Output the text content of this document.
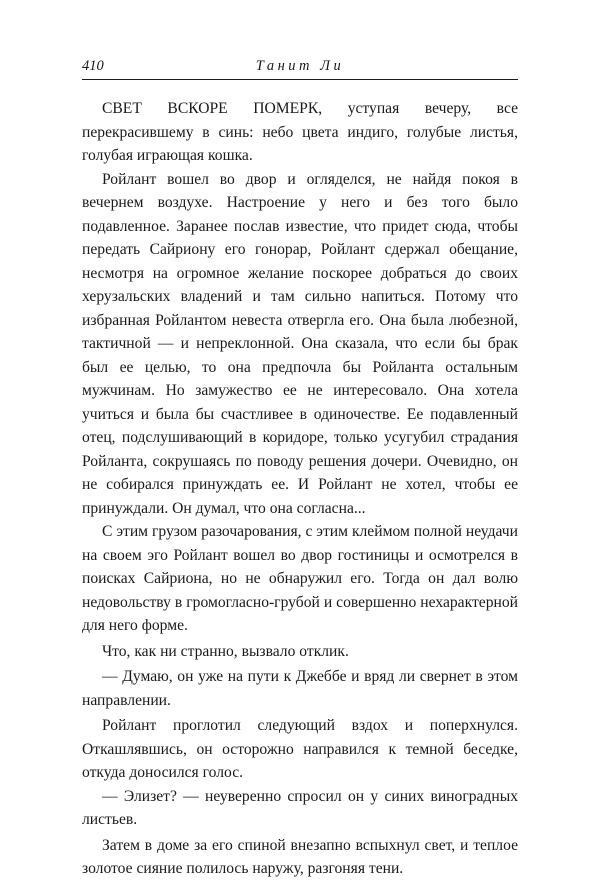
410	Танит Ли

СВЕТ ВСКОРЕ ПОМЕРК, уступая вечеру, все перекрасившему в синь: небо цвета индиго, голубые листья, голубая играющая кошка.

Ройлант вошел во двор и огляделся, не найдя покоя в вечернем воздухе. Настроение у него и без того было подавленное. Заранее послав известие, что придет сюда, чтобы передать Сайриону его гонорар, Ройлант сдержал обещание, несмотря на огромное желание поскорее добраться до своих херузальских владений и там сильно напиться. Потому что избранная Ройлантом невеста отвергла его. Она была любезной, тактичной — и непреклонной. Она сказала, что если бы брак был ее целью, то она предпочла бы Ройланта остальным мужчинам. Но замужество ее не интересовало. Она хотела учиться и была бы счастливее в одиночестве. Ее подавленный отец, подслушивающий в коридоре, только усугубил страдания Ройланта, сокрушаясь по поводу решения дочери. Очевидно, он не собирался принуждать ее. И Ройлант не хотел, чтобы ее принуждали. Он думал, что она согласна...

С этим грузом разочарования, с этим клеймом полной неудачи на своем эго Ройлант вошел во двор гостиницы и осмотрелся в поисках Сайриона, но не обнаружил его. Тогда он дал волю недовольству в громогласно-грубой и совершенно нехарактерной для него форме.

Что, как ни странно, вызвало отклик.

— Думаю, он уже на пути к Джеббе и вряд ли свернет в этом направлении.

Ройлант проглотил следующий вздох и поперхнулся. Откашлявшись, он осторожно направился к темной беседке, откуда доносился голос.

— Элизет? — неуверенно спросил он у синих виноградных листьев.

Затем в доме за его спиной внезапно вспыхнул свет, и теплое золотое сияние полилось наружу, разгоняя тени.
